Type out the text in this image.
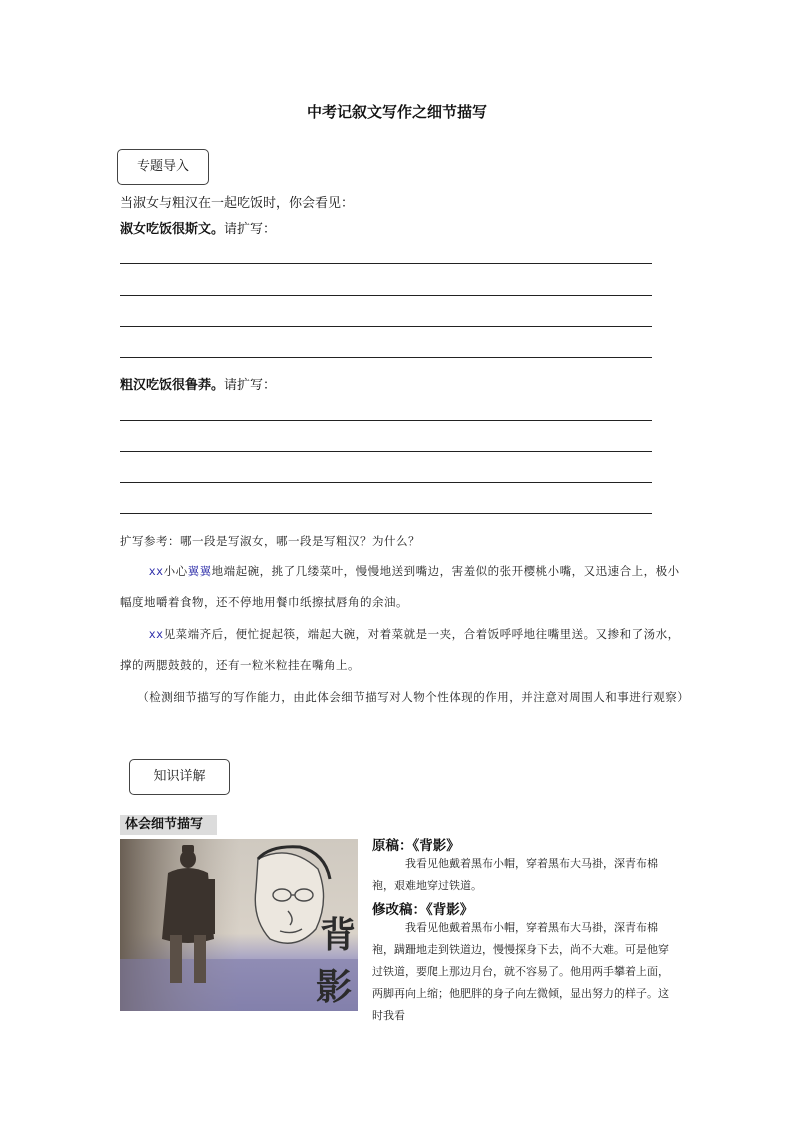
中考记叙文写作之细节描写
专题导入
当淑女与粗汉在一起吃饭时，你会看见：
淑女吃饭很斯文。请扩写：
粗汉吃饭很鲁莽。请扩写：
扩写参考：哪一段是写淑女，哪一段是写粗汉？为什么？
xx小心翼翼地端起碗，挑了几缕菜叶，慢慢地送到嘴边，害羞似的张开樱桃小嘴，又迅速合上，极小幅度地嚼着食物，还不停地用餐巾纸擦拭唇角的余油。
xx见菜端齐后，便忙捉起筷，端起大碗，对着菜就是一夹，合着饭呼呼地往嘴里送。又掺和了汤水，撑的两腮鼓鼓的，还有一粒米粒挂在嘴角上。
（检测细节描写的写作能力，由此体会细节描写对人物个性体现的作用，并注意对周围人和事进行观察）
知识详解
体会细节描写
背
影
原稿：《背影》
我看见他戴着黑布小帽，穿着黑布大马褂，深青布棉袍，艰难地穿过铁道。
修改稿：《背影》
我看见他戴着黑布小帽，穿着黑布大马褂，深青布棉袍，蹒跚地走到铁道边，慢慢探身下去，尚不大难。可是他穿过铁道，要爬上那边月台，就不容易了。他用两手攀着上面，两脚再向上缩；他肥胖的身子向左微倾，显出努力的样子。这时我看
